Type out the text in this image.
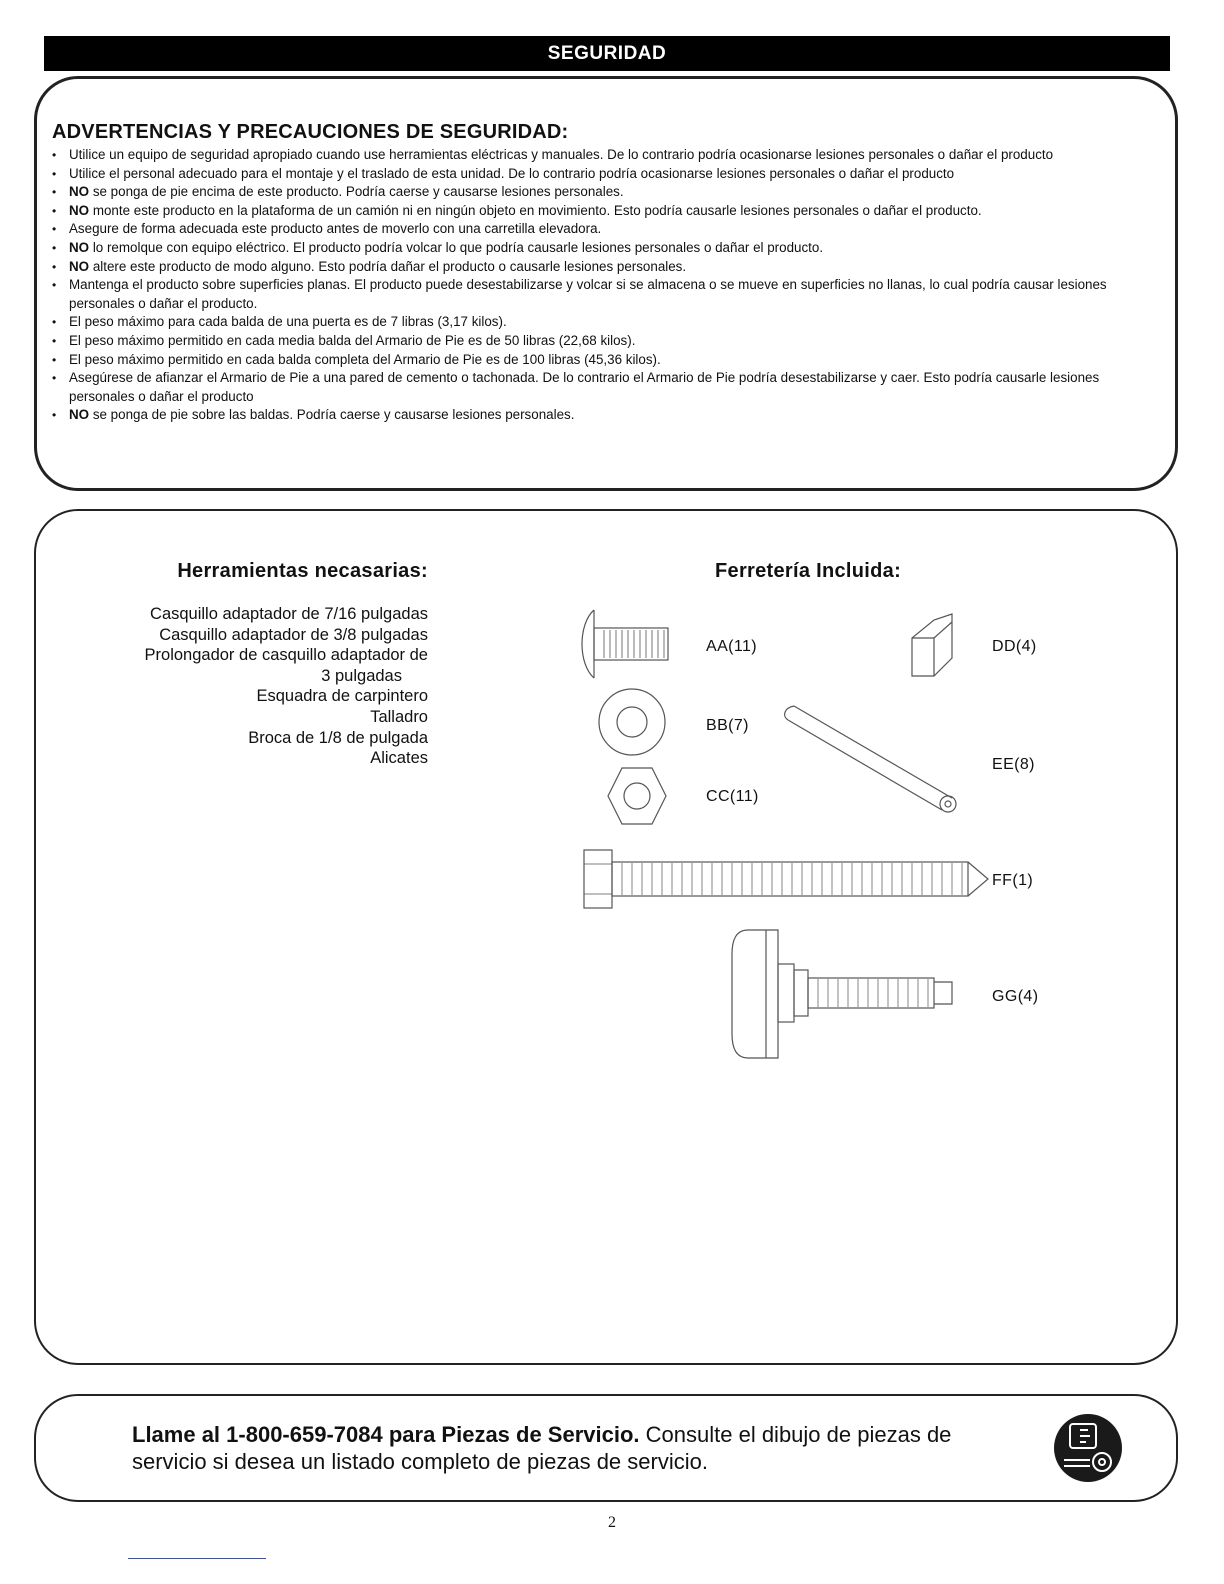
SEGURIDAD
ADVERTENCIAS Y PRECAUCIONES DE SEGURIDAD:
• Utilice un equipo de seguridad apropiado cuando use herramientas eléctricas y manuales. De lo contrario podría ocasionarse lesiones personales o dañar el producto
• Utilice el personal adecuado para el montaje y el traslado de esta unidad. De lo contrario podría ocasionarse lesiones personales o dañar el producto
• NO se ponga de pie encima de este producto. Podría caerse y causarse lesiones personales.
• NO monte este producto en la plataforma de un camión ni en ningún objeto en movimiento. Esto podría causarle lesiones personales o dañar el producto.
• Asegure de forma adecuada este producto antes de moverlo con una carretilla elevadora.
• NO lo remolque con equipo eléctrico. El producto podría volcar lo que podría causarle lesiones personales o dañar el producto.
• NO altere este producto de modo alguno. Esto podría dañar el producto o causarle lesiones personales.
• Mantenga el producto sobre superficies planas. El producto puede desestabilizarse y volcar si se almacena o se mueve en superficies no llanas, lo cual podría causar lesiones personales o dañar el producto.
• El peso máximo para cada balda de una puerta es de 7 libras (3,17 kilos).
• El peso máximo permitido en cada media balda del Armario de Pie es de 50 libras (22,68 kilos).
• El peso máximo permitido en cada balda completa del Armario de Pie es de 100 libras (45,36 kilos).
• Asegúrese de afianzar el Armario de Pie a una pared de cemento o tachonada. De lo contrario el Armario de Pie podría desestabilizarse y caer. Esto podría causarle lesiones personales o dañar el producto
• NO se ponga de pie sobre las baldas. Podría caerse y causarse lesiones personales.
Herramientas necasarias:
Casquillo adaptador de 7/16 pulgadas
Casquillo adaptador de 3/8 pulgadas
Prolongador de casquillo adaptador de
3 pulgadas
Esquadra de carpintero
Talladro
Broca de 1/8 de pulgada
Alicates
Ferretería Incluida:
AA(11)
BB(7)
CC(11)
DD(4)
EE(8)
FF(1)
GG(4)
Llame al 1-800-659-7084 para Piezas de Servicio. Consulte el dibujo de piezas de servicio si desea un listado completo de piezas de servicio.
2
